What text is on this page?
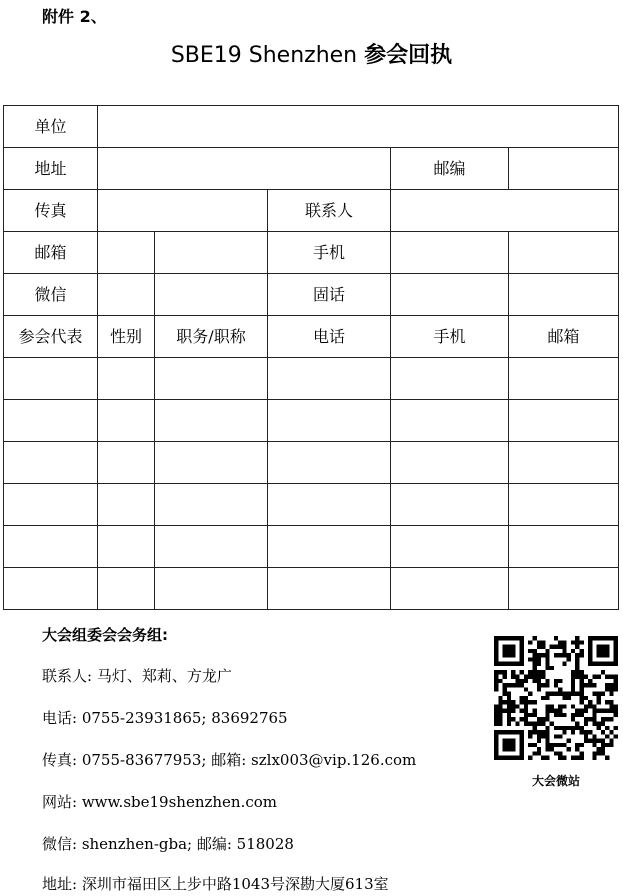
附件 2、
SBE19 Shenzhen 参会回执
单位					
地址				邮编	
传真			联系人		
邮箱			手机		
微信			固话		
参会代表	性别	职务/职称	电话	手机	邮箱

大会组委会会务组:
联系人: 马灯、郑莉、方龙广
电话: 0755-23931865; 83692765
传真: 0755-83677953; 邮箱: szlx003@vip.126.com
网站: www.sbe19shenzhen.com
微信: shenzhen-gba; 邮编: 518028
地址: 深圳市福田区上步中路1043号深勘大厦613室
大会微站
